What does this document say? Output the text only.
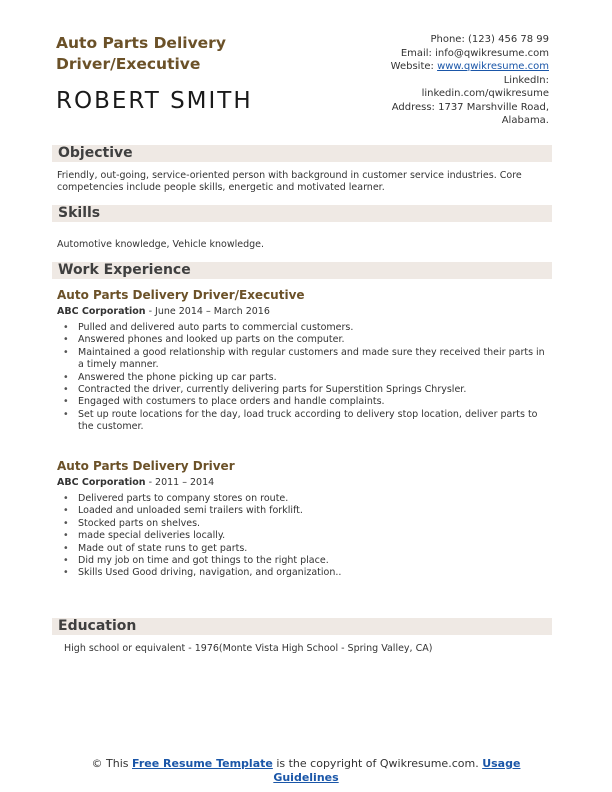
Auto Parts Delivery Driver/Executive
ROBERT SMITH
Phone: (123) 456 78 99
Email: info@qwikresume.com
Website: www.qwikresume.com
LinkedIn:
linkedin.com/qwikresume
Address: 1737 Marshville Road,
Alabama.
Objective
Friendly, out-going, service-oriented person with background in customer service industries. Core competencies include people skills, energetic and motivated learner.
Skills
Automotive knowledge, Vehicle knowledge.
Work Experience
Auto Parts Delivery Driver/Executive
ABC Corporation - June 2014 – March 2016
• Pulled and delivered auto parts to commercial customers.
• Answered phones and looked up parts on the computer.
• Maintained a good relationship with regular customers and made sure they received their parts in a timely manner.
• Answered the phone picking up car parts.
• Contracted the driver, currently delivering parts for Superstition Springs Chrysler.
• Engaged with costumers to place orders and handle complaints.
• Set up route locations for the day, load truck according to delivery stop location, deliver parts to the customer.
Auto Parts Delivery Driver
ABC Corporation - 2011 – 2014
• Delivered parts to company stores on route.
• Loaded and unloaded semi trailers with forklift.
• Stocked parts on shelves.
• made special deliveries locally.
• Made out of state runs to get parts.
• Did my job on time and got things to the right place.
• Skills Used Good driving, navigation, and organization..
Education
High school or equivalent - 1976(Monte Vista High School - Spring Valley, CA)
© This Free Resume Template is the copyright of Qwikresume.com. Usage Guidelines
